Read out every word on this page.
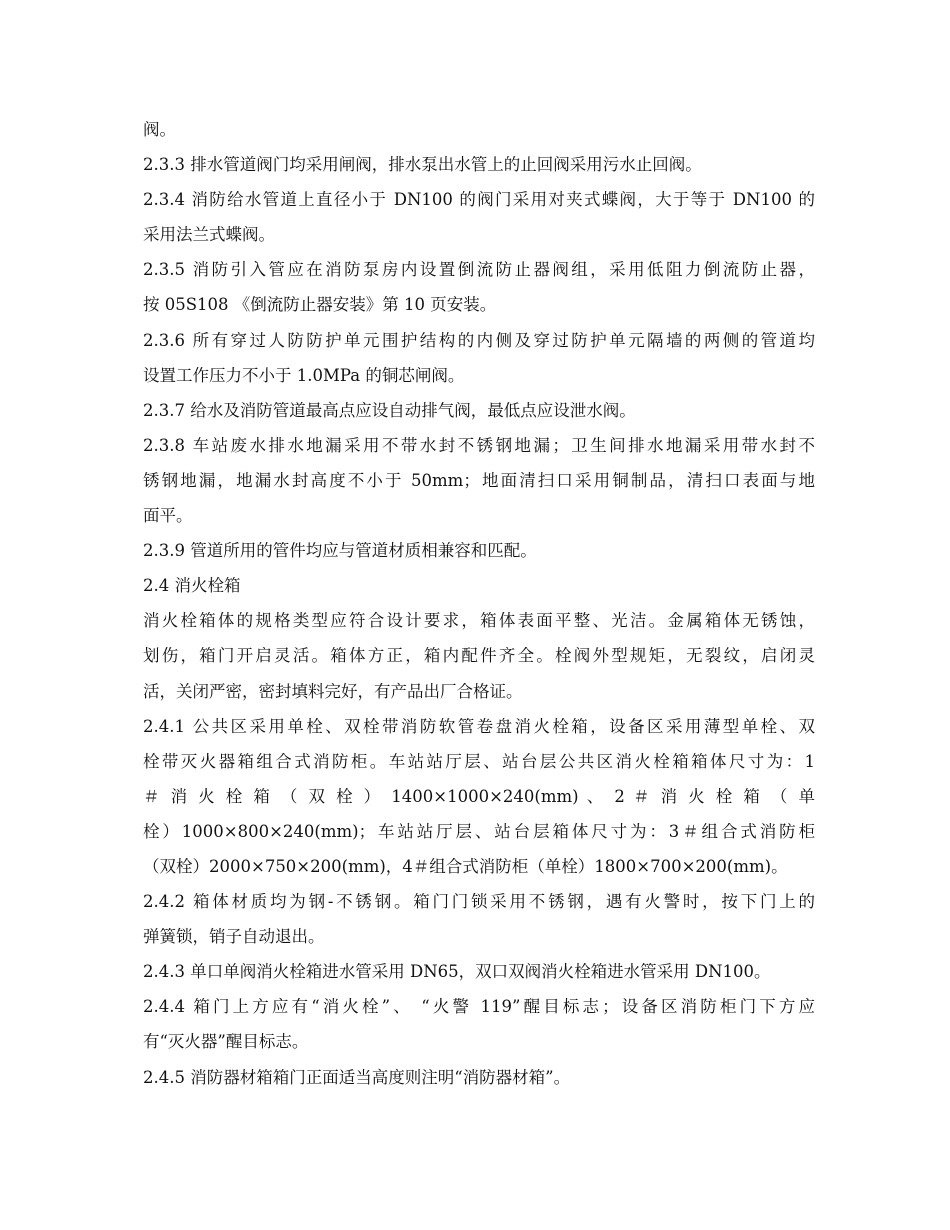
阀。
2.3.3 排水管道阀门均采用闸阀，排水泵出水管上的止回阀采用污水止回阀。
2.3.4 消防给水管道上直径小于 DN100 的阀门采用对夹式蝶阀，大于等于 DN100 的
采用法兰式蝶阀。
2.3.5 消防引入管应在消防泵房内设置倒流防止器阀组，采用低阻力倒流防止器，
按 05S108 《倒流防止器安装》第 10 页安装。
2.3.6 所有穿过人防防护单元围护结构的内侧及穿过防护单元隔墙的两侧的管道均
设置工作压力不小于 1.0MPa 的铜芯闸阀。
2.3.7 给水及消防管道最高点应设自动排气阀，最低点应设泄水阀。
2.3.8 车站废水排水地漏采用不带水封不锈钢地漏；卫生间排水地漏采用带水封不
锈钢地漏，地漏水封高度不小于 50mm；地面清扫口采用铜制品，清扫口表面与地
面平。
2.3.9 管道所用的管件均应与管道材质相兼容和匹配。
2.4 消火栓箱
消火栓箱体的规格类型应符合设计要求，箱体表面平整、光洁。金属箱体无锈蚀，
划伤，箱门开启灵活。箱体方正，箱内配件齐全。栓阀外型规矩，无裂纹，启闭灵
活，关闭严密，密封填料完好，有产品出厂合格证。
2.4.1 公共区采用单栓、双栓带消防软管卷盘消火栓箱，设备区采用薄型单栓、双
栓带灭火器箱组合式消防柜。车站站厅层、站台层公共区消火栓箱箱体尺寸为：1
＃ 消 火 栓 箱 （ 双 栓 ） 1400×1000×240(mm) 、 2 ＃ 消 火 栓 箱 （ 单
栓）1000×800×240(mm)；车站站厅层、站台层箱体尺寸为：3＃组合式消防柜
（双栓）2000×750×200(mm)，4＃组合式消防柜（单栓）1800×700×200(mm)。
2.4.2 箱体材质均为钢-不锈钢。箱门门锁采用不锈钢，遇有火警时，按下门上的
弹簧锁，销子自动退出。
2.4.3 单口单阀消火栓箱进水管采用 DN65，双口双阀消火栓箱进水管采用 DN100。
2.4.4 箱门上方应有“消火栓”、 “火警 119”醒目标志；设备区消防柜门下方应
有“灭火器”醒目标志。
2.4.5 消防器材箱箱门正面适当高度则注明“消防器材箱”。
